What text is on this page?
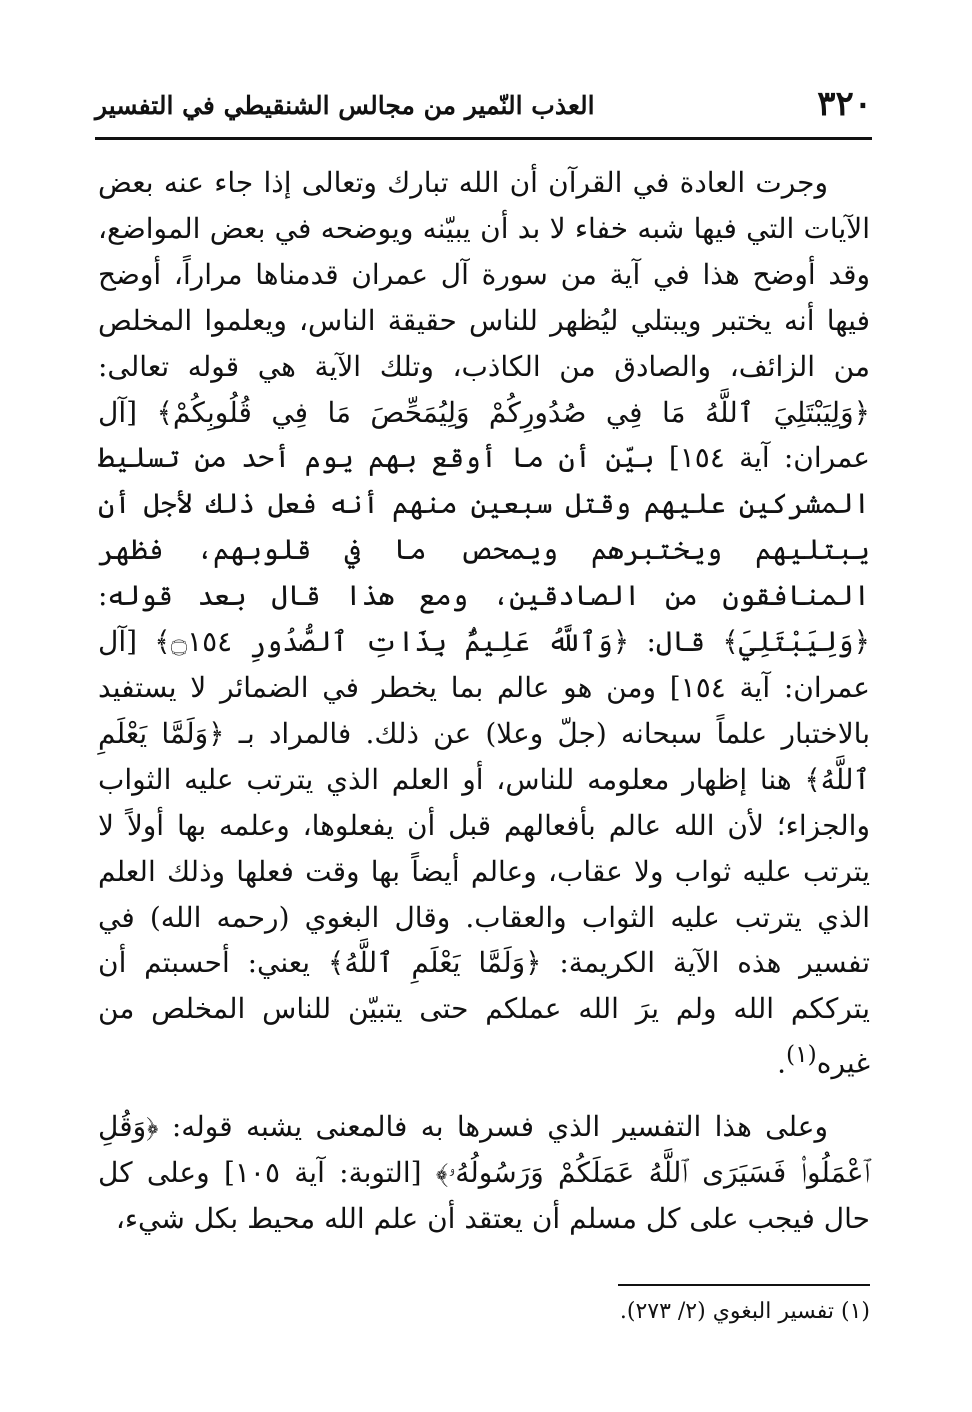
٣٢٠
العذب النّمير من مجالس الشنقيطي في التفسير

وجرت العادة في القرآن أن الله تبارك وتعالى إذا جاء عنه بعض الآيات التي فيها شبه خفاء لا بد أن يبيّنه ويوضحه في بعض المواضع، وقد أوضح هذا في آية من سورة آل عمران قدمناها مراراً، أوضح فيها أنه يختبر ويبتلي ليُظهر للناس حقيقة الناس، ويعلموا المخلص من الزائف، والصادق من الكاذب، وتلك الآية هي قوله تعالى: ﴿وَلِيَبْتَلِيَ ٱللَّهُ مَا فِي صُدُورِكُمْ وَلِيُمَحِّصَ مَا فِي قُلُوبِكُمْ﴾ [آل عمران: آية ١٥٤] بيّن أن ما أوقع بهم يوم أحد من تسليط المشركين عليهم وقتل سبعين منهم أنه فعل ذلك لأجل أن يبتليهم ويختبرهم ويمحص ما في قلوبهم، فظهر المنافقون من الصادقين، ومع هذا قال بعد قوله: ﴿وَلِيَبْتَلِيَ﴾ قال: ﴿وَٱللَّهُ عَلِيمٌۢ بِذَاتِ ٱلصُّدُورِ ۝١٥٤﴾ [آل عمران: آية ١٥٤] ومن هو عالم بما يخطر في الضمائر لا يستفيد بالاختبار علماً سبحانه (جلّ وعلا) عن ذلك. فالمراد بـ ﴿وَلَمَّا يَعْلَمِ ٱللَّهُ﴾ هنا إظهار معلومه للناس، أو العلم الذي يترتب عليه الثواب والجزاء؛ لأن الله عالم بأفعالهم قبل أن يفعلوها، وعلمه بها أولاً لا يترتب عليه ثواب ولا عقاب، وعالم أيضاً بها وقت فعلها وذلك العلم الذي يترتب عليه الثواب والعقاب. وقال البغوي (رحمه الله) في تفسير هذه الآية الكريمة: ﴿وَلَمَّا يَعْلَمِ ٱللَّهُ﴾ يعني: أحسبتم أن يترككم الله ولم يرَ الله عملكم حتى يتبيّن للناس المخلص من غيره$^{(١)}$.

وعلى هذا التفسير الذي فسرها به فالمعنى يشبه قوله: ﴿وَقُلِ ٱعْمَلُوا۟ فَسَيَرَى ٱللَّهُ عَمَلَكُمْ وَرَسُولُهُۥ﴾ [التوبة: آية ١٠٥] وعلى كل حال فيجب على كل مسلم أن يعتقد أن علم الله محيط بكل شيء،

(١) تفسير البغوي (٢/ ٢٧٣).
